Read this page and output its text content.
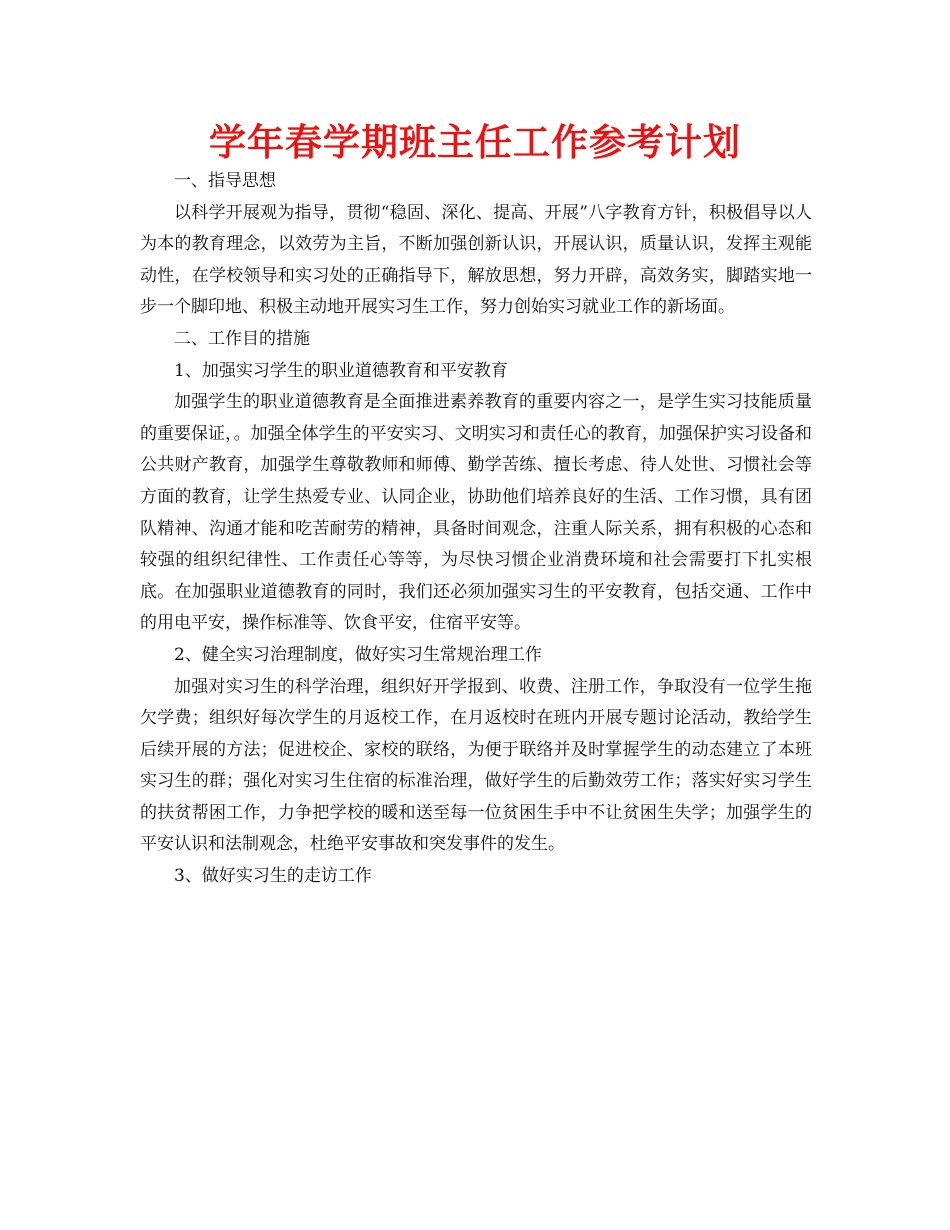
学年春学期班主任工作参考计划

一、指导思想

以科学开展观为指导，贯彻“稳固、深化、提高、开展”八字教育方针，积极倡导以人为本的教育理念，以效劳为主旨，不断加强创新认识，开展认识，质量认识，发挥主观能动性，在学校领导和实习处的正确指导下，解放思想，努力开辟，高效务实，脚踏实地一步一个脚印地、积极主动地开展实习生工作，努力创始实习就业工作的新场面。

二、工作目的措施

1、加强实习学生的职业道德教育和平安教育

加强学生的职业道德教育是全面推进素养教育的重要内容之一，是学生实习技能质量的重要保证，。加强全体学生的平安实习、文明实习和责任心的教育，加强保护实习设备和公共财产教育，加强学生尊敬教师和师傅、勤学苦练、擅长考虑、待人处世、习惯社会等方面的教育，让学生热爱专业、认同企业，协助他们培养良好的生活、工作习惯，具有团队精神、沟通才能和吃苦耐劳的精神，具备时间观念，注重人际关系，拥有积极的心态和较强的组织纪律性、工作责任心等等，为尽快习惯企业消费环境和社会需要打下扎实根底。在加强职业道德教育的同时，我们还必须加强实习生的平安教育，包括交通、工作中的用电平安，操作标准等、饮食平安，住宿平安等。

2、健全实习治理制度，做好实习生常规治理工作

加强对实习生的科学治理，组织好开学报到、收费、注册工作，争取没有一位学生拖欠学费；组织好每次学生的月返校工作，在月返校时在班内开展专题讨论活动，教给学生后续开展的方法；促进校企、家校的联络，为便于联络并及时掌握学生的动态建立了本班实习生的群；强化对实习生住宿的标准治理，做好学生的后勤效劳工作；落实好实习学生的扶贫帮困工作，力争把学校的暖和送至每一位贫困生手中不让贫困生失学；加强学生的平安认识和法制观念，杜绝平安事故和突发事件的发生。

3、做好实习生的走访工作
